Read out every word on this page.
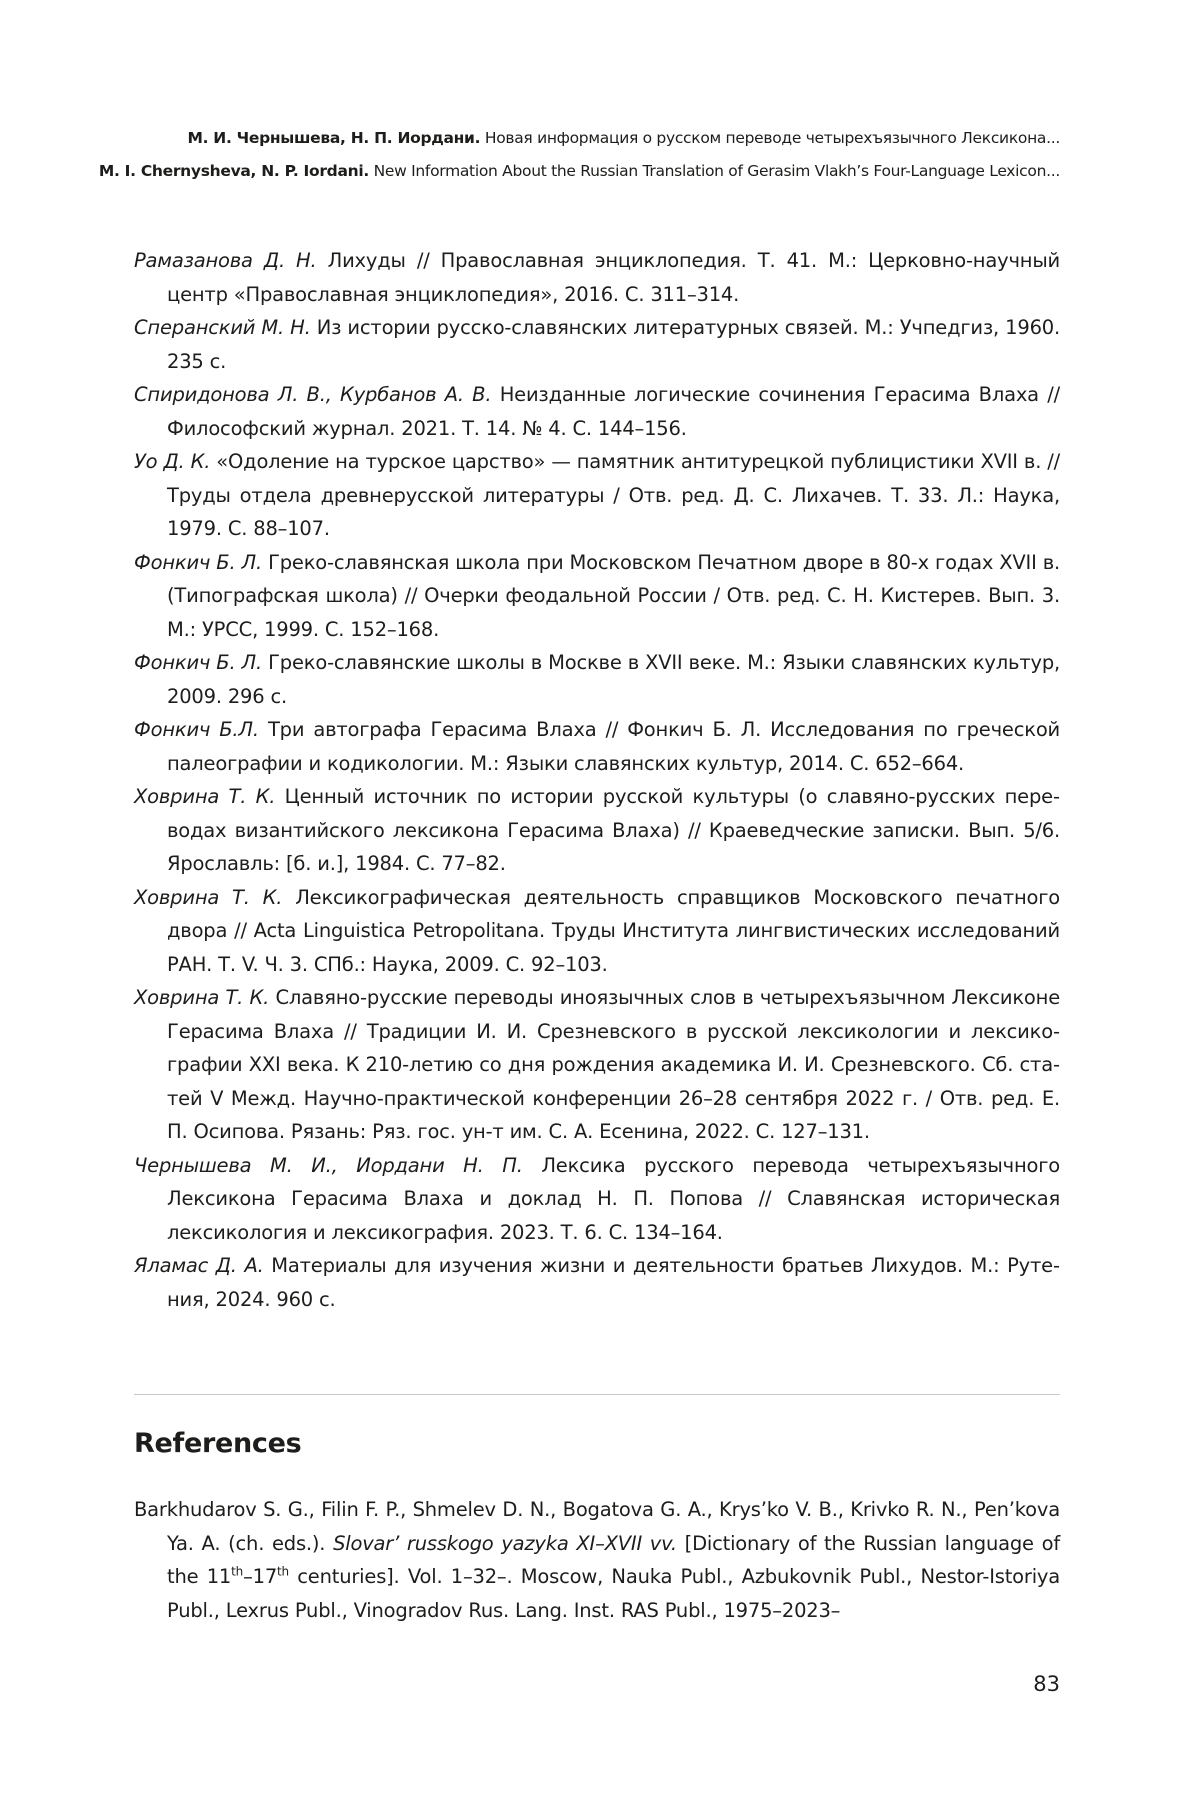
М. И. Чернышева, Н. П. Иордани. Новая информация о русском переводе четырехъязычного Лексикона...
M. I. Chernysheva, N. P. Iordani. New Information About the Russian Translation of Gerasim Vlakh’s Four-Language Lexicon...

Рамазанова Д. Н. Лихуды // Православная энциклопедия. Т. 41. М.: Церковно-научный центр «Православная энциклопедия», 2016. С. 311–314.

Сперанский М. Н. Из истории русско-славянских литературных связей. М.: Учпедгиз, 1960. 235 с.

Спиридонова Л. В., Курбанов А. В. Неизданные логические сочинения Герасима Влаха // Философский журнал. 2021. Т. 14. № 4. С. 144–156.

Уо Д. К. «Одоление на турское царство» — памятник антитурецкой публицистики XVII в. // Труды отдела древнерусской литературы / Отв. ред. Д. С. Лихачев. Т. 33. Л.: Наука, 1979. С. 88–107.

Фонкич Б. Л. Греко-славянская школа при Московском Печатном дворе в 80-х годах XVII в. (Типографская школа) // Очерки феодальной России / Отв. ред. С. Н. Кистерев. Вып. 3. М.: УРСС, 1999. С. 152–168.

Фонкич Б. Л. Греко-славянские школы в Москве в XVII веке. М.: Языки славянских культур, 2009. 296 с.

Фонкич Б.Л. Три автографа Герасима Влаха // Фонкич Б. Л. Исследования по греческой палеографии и кодикологии. М.: Языки славянских культур, 2014. С. 652–664.

Ховрина Т. К. Ценный источник по истории русской культуры (о славяно-русских переводах византийского лексикона Герасима Влаха) // Краеведческие записки. Вып. 5/6. Ярославль: [б. и.], 1984. С. 77–82.

Ховрина Т. К. Лексикографическая деятельность справщиков Московского печатного двора // Acta Linguistica Petropolitana. Труды Института лингвистических исследований РАН. Т. V. Ч. 3. СПб.: Наука, 2009. С. 92–103.

Ховрина Т. К. Славяно-русские переводы иноязычных слов в четырехъязычном Лексиконе Герасима Влаха // Традиции И. И. Срезневского в русской лексикологии и лексикографии XXI века. К 210-летию со дня рождения академика И. И. Срезневского. Сб. статей V Межд. Научно-практической конференции 26–28 сентября 2022 г. / Отв. ред. Е. П. Осипова. Рязань: Ряз. гос. ун-т им. С. А. Есенина, 2022. С. 127–131.

Чернышева М. И., Иордани Н. П. Лексика русского перевода четырехъязычного Лексикона Герасима Влаха и доклад Н. П. Попова // Славянская историческая лексикология и лексикография. 2023. Т. 6. С. 134–164.

Яламас Д. А. Материалы для изучения жизни и деятельности братьев Лихудов. М.: Рутения, 2024. 960 с.

References

Barkhudarov S. G., Filin F. P., Shmelev D. N., Bogatova G. A., Krys’ko V. B., Krivko R. N., Pen’kova Ya. A. (ch. eds.). Slovar’ russkogo yazyka XI–XVII vv. [Dictionary of the Russian language of the 11th–17th centuries]. Vol. 1–32–. Moscow, Nauka Publ., Azbukovnik Publ., Nestor-Istoriya Publ., Lexrus Publ., Vinogradov Rus. Lang. Inst. RAS Publ., 1975–2023–

83
